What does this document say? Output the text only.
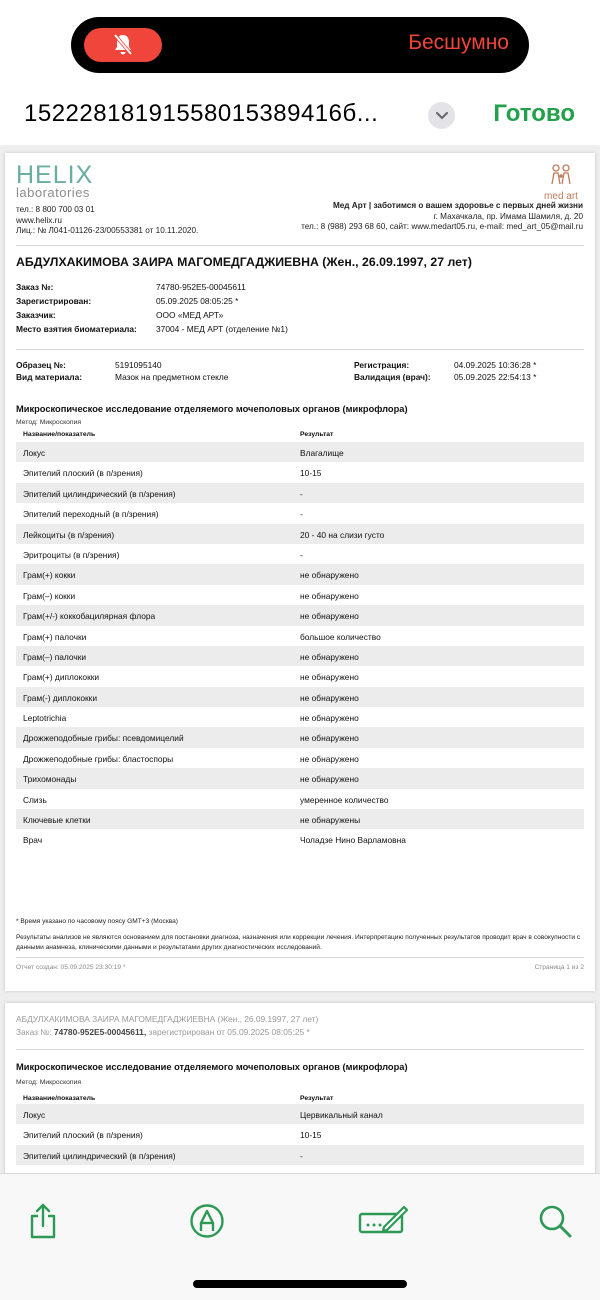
Бесшумно
15222818191558015389416б...	Готово
HELIX
laboratories
тел.: 8 800 700 03 01
www.helix.ru
Лиц.: № Л041-01126-23/00553381 от 10.11.2020.
med art
Мед Арт | заботимся о вашем здоровье с первых дней жизни
г. Махачкала, пр. Имама Шамиля, д. 20
тел.: 8 (988) 293 68 60, сайт: www.medart05.ru, e-mail: med_art_05@mail.ru
АБДУЛХАКИМОВА ЗАИРА МАГОМЕДГАДЖИЕВНА (Жен., 26.09.1997, 27 лет)
Заказ №:	74780-952E5-00045611
Зарегистрирован:	05.09.2025 08:05:25 *
Заказчик:	ООО «МЕД АРТ»
Место взятия биоматериала: 37004 - МЕД АРТ (отделение №1)
Образец №:	5191095140
Вид материала:	Мазок на предметном стекле
Регистрация:	04.09.2025 10:36:28 *
Валидация (врач):	05.09.2025 22:54:13 *
Микроскопическое исследование отделяемого мочеполовых органов (микрофлора)
Метод: Микроскопия
Название/показатель	Результат
Локус	Влагалище
Эпителий плоский (в п/зрения)	10-15
Эпителий цилиндрический (в п/зрения)	-
Эпителий переходный (в п/зрения)	-
Лейкоциты (в п/зрения)	20 - 40 на слизи густо
Эритроциты (в п/зрения)	-
Грам(+) кокки	не обнаружено
Грам(–) кокки	не обнаружено
Грам(+/-) коккобацилярная флора	не обнаружено
Грам(+) палочки	большое количество
Грам(–) палочки	не обнаружено
Грам(+) диплококки	не обнаружено
Грам(-) диплококки	не обнаружено
Leptotrichia	не обнаружено
Дрожжеподобные грибы: псевдомицелий	не обнаружено
Дрожжеподобные грибы: бластоспоры	не обнаружено
Трихомонады	не обнаружено
Слизь	умеренное количество
Ключевые клетки	не обнаружены
Врач	Чоладзе Нино Варламовна
* Время указано по часовому поясу GMT+3 (Москва)
Результаты анализов не являются основанием для постановки диагноза, назначения или коррекции лечения. Интерпретацию полученных результатов проводит врач в совокупности с данными анамнеза, клиническими данными и результатами других диагностических исследований.
Отчет создан: 05.09.2025 23:30:19 *	Страница 1 из 2
АБДУЛХАКИМОВА ЗАИРА МАГОМЕДГАДЖИЕВНА (Жен., 26.09.1997, 27 лет)
Заказ №: 74780-952E5-00045611, зарегистрирован от 05.09.2025 08:05:25 *
Микроскопическое исследование отделяемого мочеполовых органов (микрофлора)
Метод: Микроскопия
Название/показатель	Результат
Локус	Цервикальный канал
Эпителий плоский (в п/зрения)	10-15
Эпителий цилиндрический (в п/зрения)	-
